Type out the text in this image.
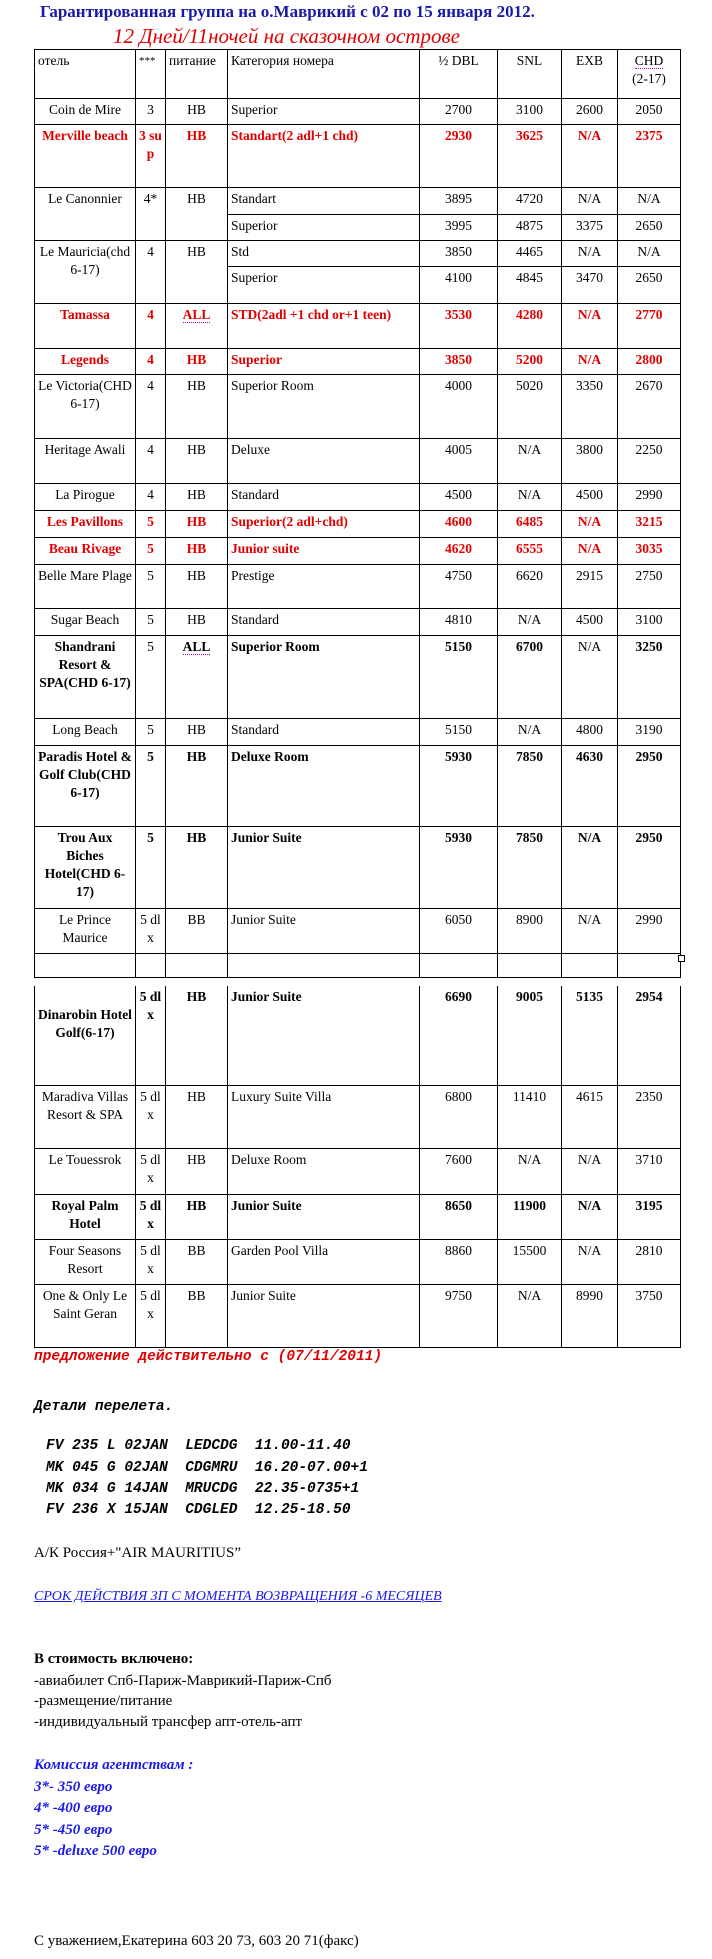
Гарантированная группа на о.Маврикий с 02 по 15 января 2012.
12 Дней/11ночей на сказочном острове
отель	***	питание	Категория номера	½ DBL	SNL	EXB	CHD
(2-17)
Coin de Mire	3	HB	Superior	2700	3100	2600	2050
Merville beach	3 sup	HB	Standart(2 adl+1 chd)	2930	3625	N/A	2375
Le Canonnier	4*	HB	Standart	3895	4720	N/A	N/A
			Superior	3995	4875	3375	2650
Le Mauricia(chd 6-17)	4	HB	Std	3850	4465	N/A	N/A
			Superior	4100	4845	3470	2650
Tamassa	4	ALL	STD(2adl +1 chd or+1 teen)	3530	4280	N/A	2770
Legends	4	HB	Superior	3850	5200	N/A	2800
Le Victoria(CHD 6-17)	4	HB	Superior Room	4000	5020	3350	2670
Heritage Awali	4	HB	Deluxe	4005	N/A	3800	2250
La Pirogue	4	HB	Standard	4500	N/A	4500	2990
Les Pavillons	5	HB	Superior(2 adl+chd)	4600	6485	N/A	3215
Beau Rivage	5	HB	Junior suite	4620	6555	N/A	3035
Belle Mare Plage	5	HB	Prestige	4750	6620	2915	2750
Sugar Beach	5	HB	Standard	4810	N/A	4500	3100
Shandrani Resort & SPA(CHD 6-17)	5	ALL	Superior Room	5150	6700	N/A	3250
Long Beach	5	HB	Standard	5150	N/A	4800	3190
Paradis Hotel & Golf Club(CHD 6-17)	5	HB	Deluxe Room	5930	7850	4630	2950
Trou Aux Biches Hotel(CHD 6-17)	5	HB	Junior Suite	5930	7850	N/A	2950
Le Prince Maurice	5 dlx	BB	Junior Suite	6050	8900	N/A	2990

Dinarobin Hotel Golf(6-17)	5 dlx	HB	Junior Suite	6690	9005	5135	2954
Maradiva Villas Resort & SPA	5 dlx	HB	Luxury Suite Villa	6800	11410	4615	2350
Le Touessrok	5 dlx	HB	Deluxe Room	7600	N/A	N/A	3710
Royal Palm Hotel	5 dlx	HB	Junior Suite	8650	11900	N/A	3195
Four Seasons Resort	5 dlx	BB	Garden Pool Villa	8860	15500	N/A	2810
One & Only Le Saint Geran	5 dlx	BB	Junior Suite	9750	N/A	8990	3750
предложение действительно с (07/11/2011)
Детали перелета.
FV 235 L 02JAN  LEDCDG  11.00-11.40
MK 045 G 02JAN  CDGMRU  16.20-07.00+1
MK 034 G 14JAN  MRUCDG  22.35-0735+1
FV 236 X 15JAN  CDGLED  12.25-18.50
А/К Россия+"AIR MAURITIUS”
СРОК ДЕЙСТВИЯ ЗП С МОМЕНТА ВОЗВРАЩЕНИЯ -6 МЕСЯЦЕВ
В стоимость включено:
-авиабилет Спб-Париж-Маврикий-Париж-Спб
-размещение/питание
-индивидуальный трансфер апт-отель-апт
Комиссия агентствам :
3*- 350 евро
4* -400 евро
5* -450 евро
5* -deluxe 500 евро
С уважением,Екатерина 603 20 73, 603 20 71(факс)
